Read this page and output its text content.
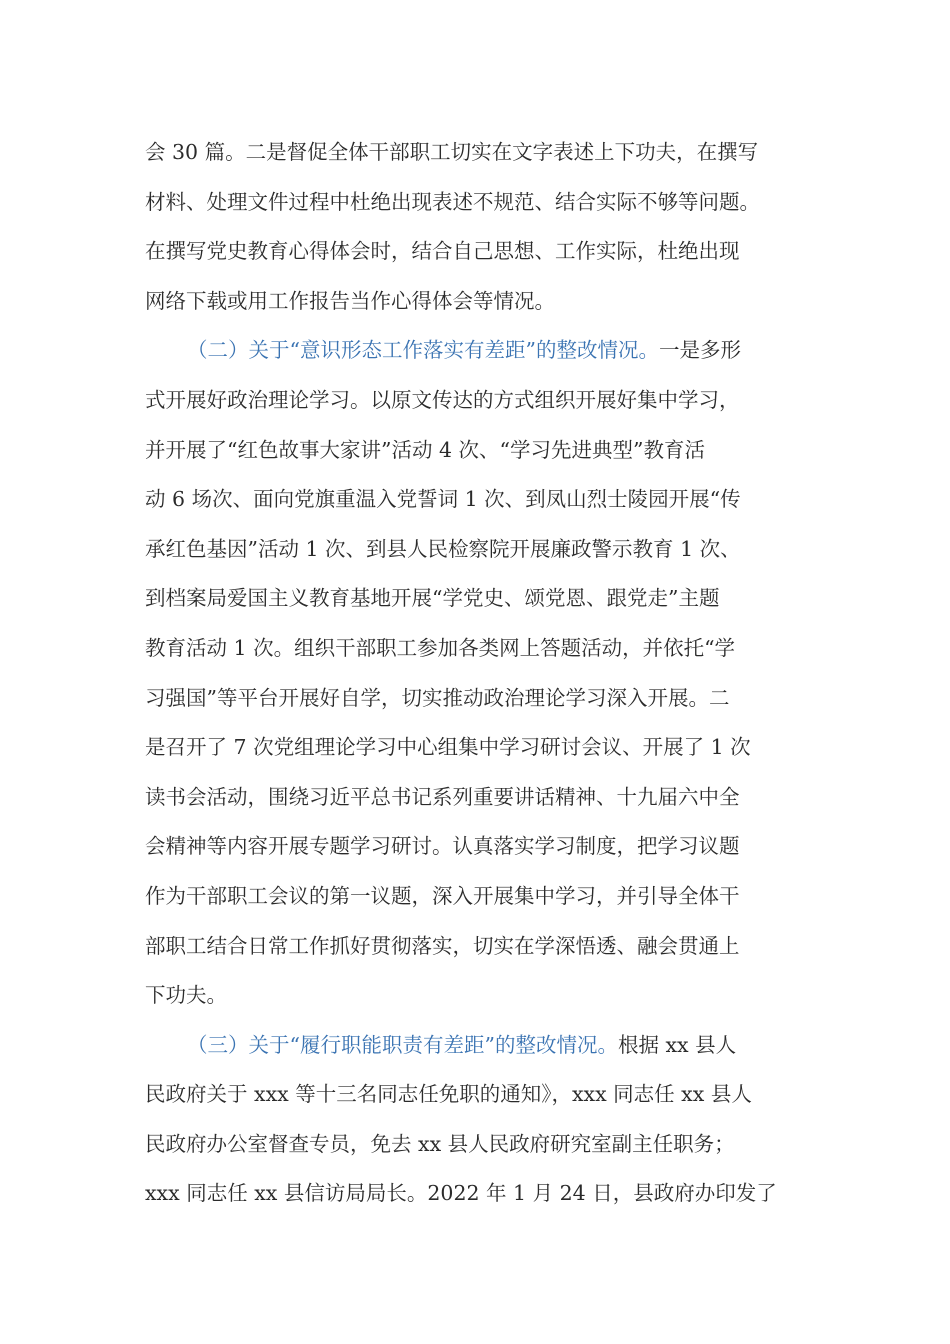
会 30 篇。二是督促全体干部职工切实在文字表述上下功夫，在撰写
材料、处理文件过程中杜绝出现表述不规范、结合实际不够等问题。
在撰写党史教育心得体会时，结合自己思想、工作实际，杜绝出现
网络下载或用工作报告当作心得体会等情况。
（二）关于“意识形态工作落实有差距”的整改情况。一是多形
式开展好政治理论学习。以原文传达的方式组织开展好集中学习，
并开展了“红色故事大家讲”活动 4 次、“学习先进典型”教育活
动 6 场次、面向党旗重温入党誓词 1 次、到凤山烈士陵园开展“传
承红色基因”活动 1 次、到县人民检察院开展廉政警示教育 1 次、
到档案局爱国主义教育基地开展“学党史、颂党恩、跟党走”主题
教育活动 1 次。组织干部职工参加各类网上答题活动，并依托“学
习强国”等平台开展好自学，切实推动政治理论学习深入开展。二
是召开了 7 次党组理论学习中心组集中学习研讨会议、开展了 1 次
读书会活动，围绕习近平总书记系列重要讲话精神、十九届六中全
会精神等内容开展专题学习研讨。认真落实学习制度，把学习议题
作为干部职工会议的第一议题，深入开展集中学习，并引导全体干
部职工结合日常工作抓好贯彻落实，切实在学深悟透、融会贯通上
下功夫。
（三）关于“履行职能职责有差距”的整改情况。根据 xx 县人
民政府关于 xxx 等十三名同志任免职的通知》，xxx 同志任 xx 县人
民政府办公室督查专员，免去 xx 县人民政府研究室副主任职务；
xxx 同志任 xx 县信访局局长。2022 年 1 月 24 日，县政府办印发了
